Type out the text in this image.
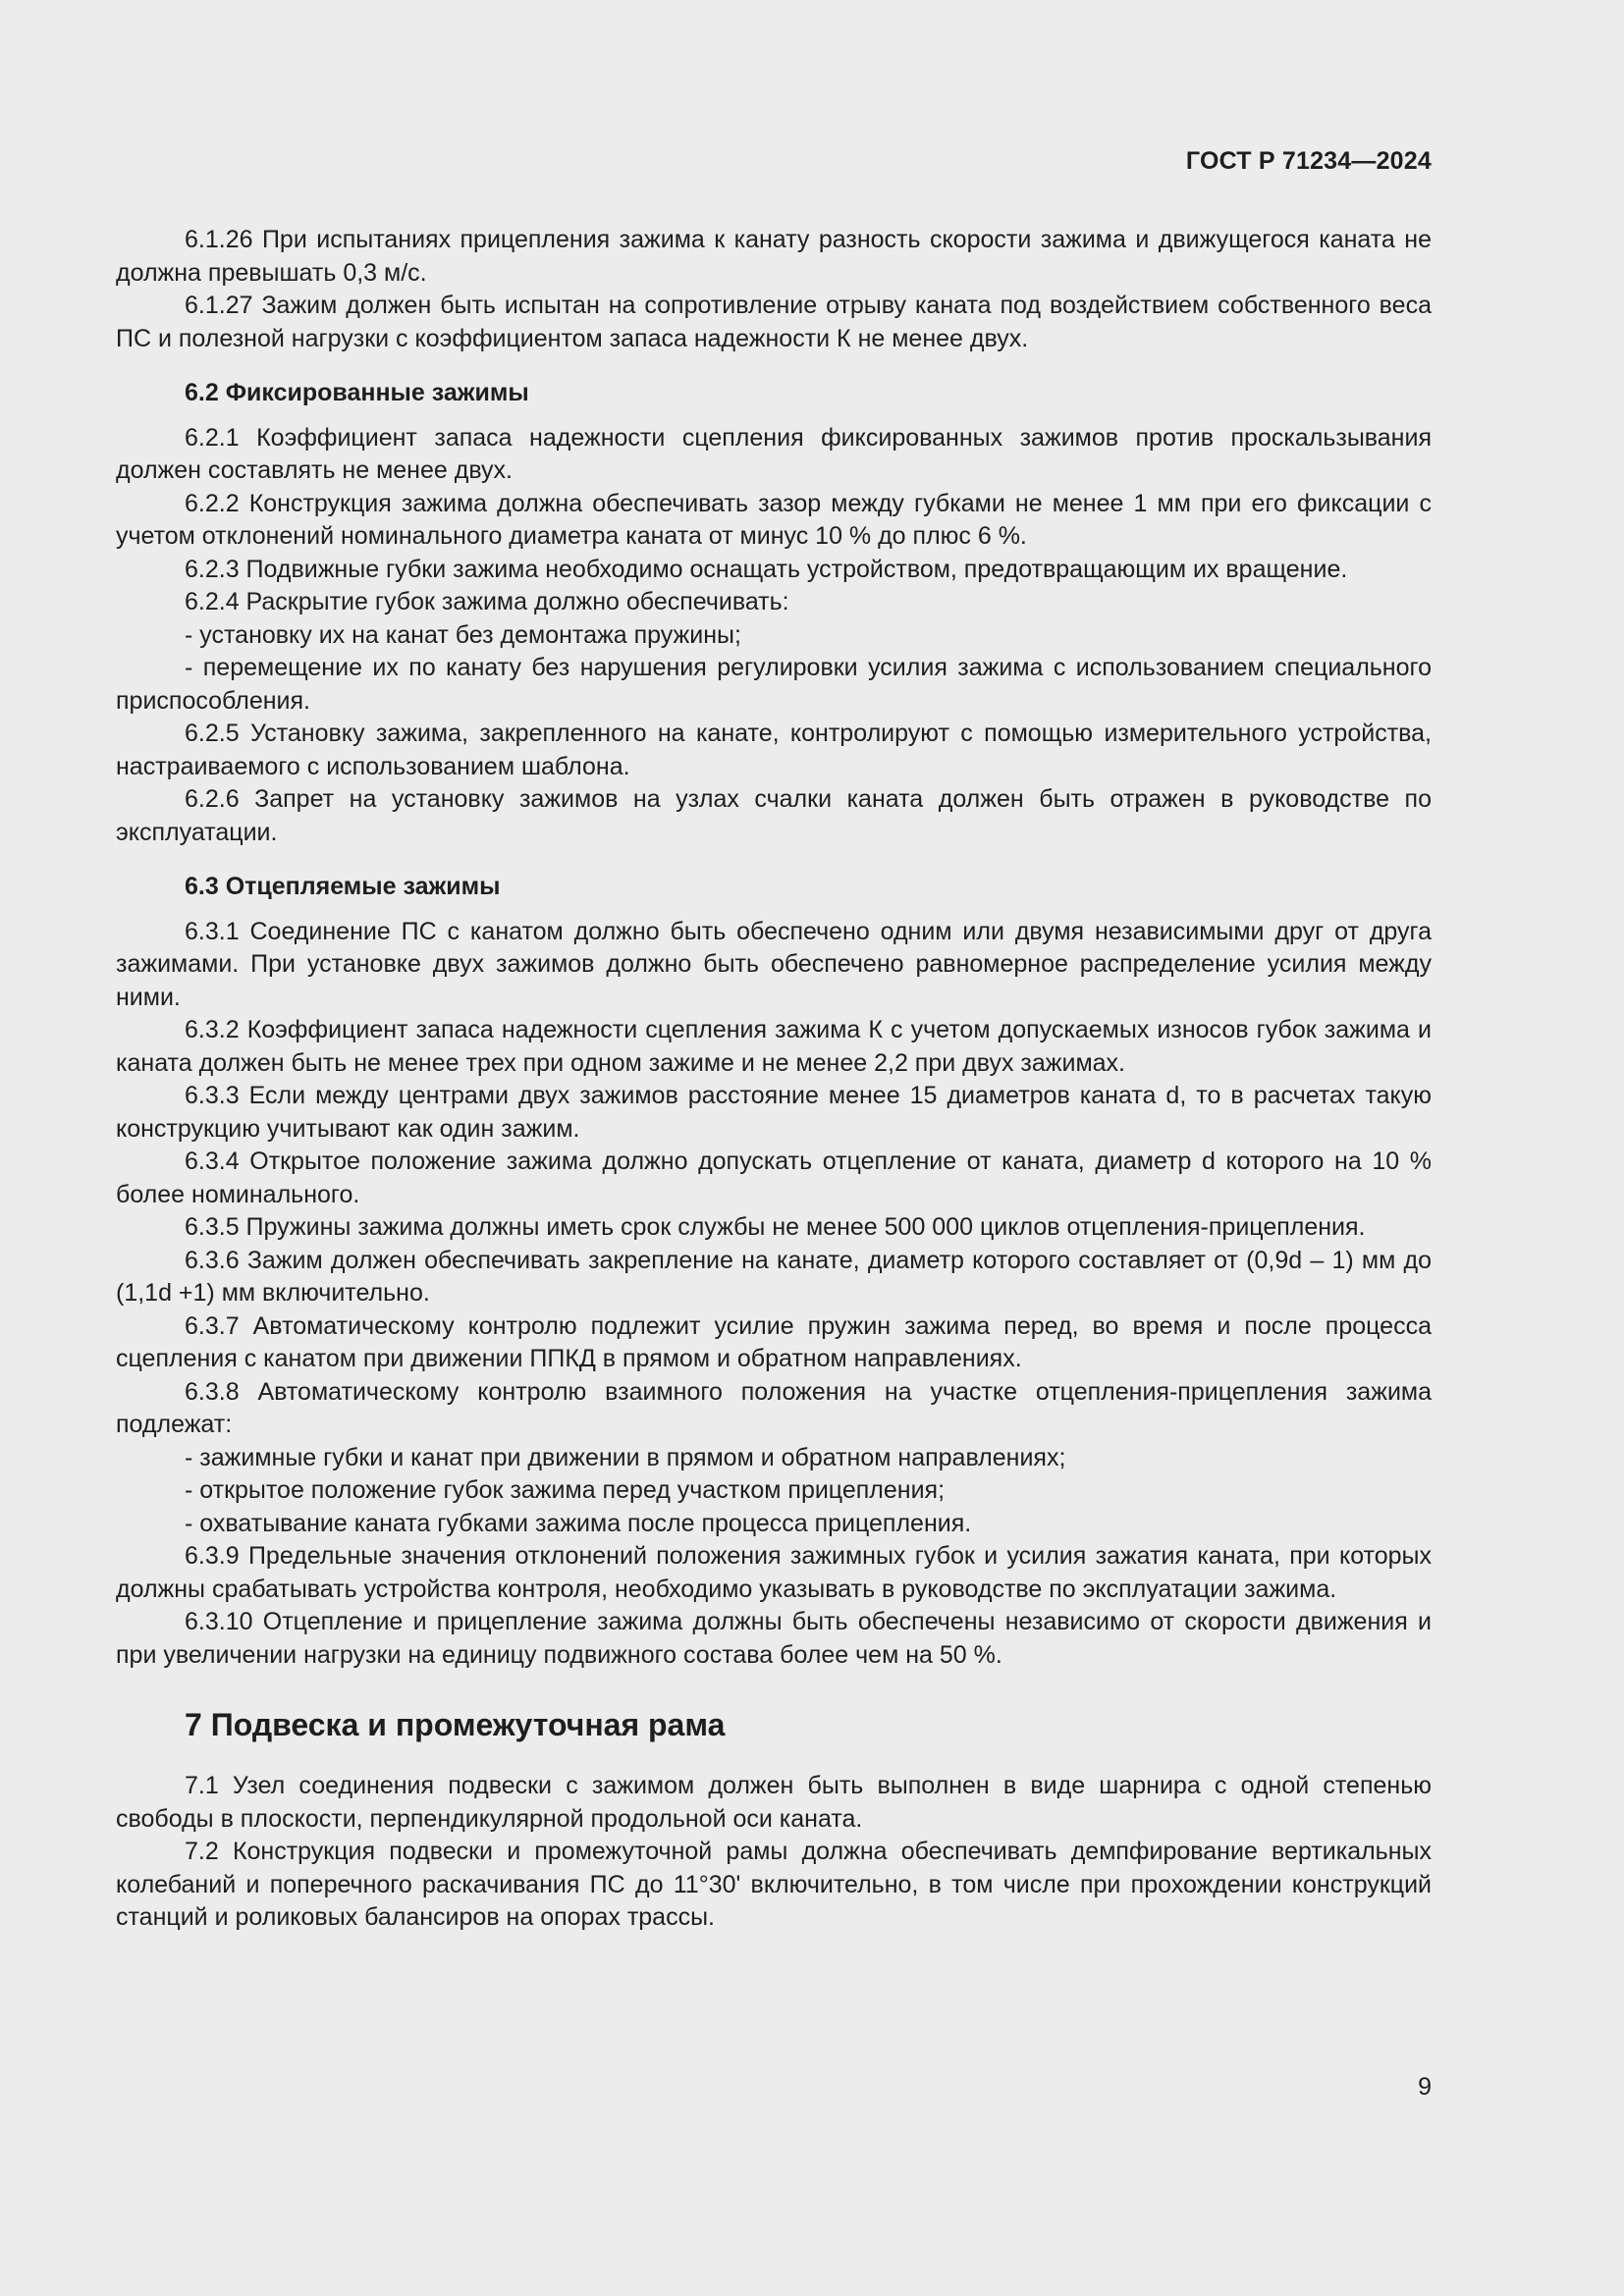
ГОСТ Р 71234—2024

6.1.26 При испытаниях прицепления зажима к канату разность скорости зажима и движущегося каната не должна превышать 0,3 м/с.

6.1.27 Зажим должен быть испытан на сопротивление отрыву каната под воздействием собственного веса ПС и полезной нагрузки с коэффициентом запаса надежности К не менее двух.

6.2 Фиксированные зажимы

6.2.1 Коэффициент запаса надежности сцепления фиксированных зажимов против проскальзывания должен составлять не менее двух.

6.2.2 Конструкция зажима должна обеспечивать зазор между губками не менее 1 мм при его фиксации с учетом отклонений номинального диаметра каната от минус 10 % до плюс 6 %.

6.2.3 Подвижные губки зажима необходимо оснащать устройством, предотвращающим их вращение.

6.2.4 Раскрытие губок зажима должно обеспечивать:

- установку их на канат без демонтажа пружины;

- перемещение их по канату без нарушения регулировки усилия зажима с использованием специального приспособления.

6.2.5 Установку зажима, закрепленного на канате, контролируют с помощью измерительного устройства, настраиваемого с использованием шаблона.

6.2.6 Запрет на установку зажимов на узлах счалки каната должен быть отражен в руководстве по эксплуатации.

6.3 Отцепляемые зажимы

6.3.1 Соединение ПС с канатом должно быть обеспечено одним или двумя независимыми друг от друга зажимами. При установке двух зажимов должно быть обеспечено равномерное распределение усилия между ними.

6.3.2 Коэффициент запаса надежности сцепления зажима К с учетом допускаемых износов губок зажима и каната должен быть не менее трех при одном зажиме и не менее 2,2 при двух зажимах.

6.3.3 Если между центрами двух зажимов расстояние менее 15 диаметров каната d, то в расчетах такую конструкцию учитывают как один зажим.

6.3.4 Открытое положение зажима должно допускать отцепление от каната, диаметр d которого на 10 % более номинального.

6.3.5 Пружины зажима должны иметь срок службы не менее 500 000 циклов отцепления-прицепления.

6.3.6 Зажим должен обеспечивать закрепление на канате, диаметр которого составляет от (0,9d – 1) мм до (1,1d +1) мм включительно.

6.3.7 Автоматическому контролю подлежит усилие пружин зажима перед, во время и после процесса сцепления с канатом при движении ППКД в прямом и обратном направлениях.

6.3.8 Автоматическому контролю взаимного положения на участке отцепления-прицепления зажима подлежат:

- зажимные губки и канат при движении в прямом и обратном направлениях;

- открытое положение губок зажима перед участком прицепления;

- охватывание каната губками зажима после процесса прицепления.

6.3.9 Предельные значения отклонений положения зажимных губок и усилия зажатия каната, при которых должны срабатывать устройства контроля, необходимо указывать в руководстве по эксплуатации зажима.

6.3.10 Отцепление и прицепление зажима должны быть обеспечены независимо от скорости движения и при увеличении нагрузки на единицу подвижного состава более чем на 50 %.

7 Подвеска и промежуточная рама

7.1 Узел соединения подвески с зажимом должен быть выполнен в виде шарнира с одной степенью свободы в плоскости, перпендикулярной продольной оси каната.

7.2 Конструкция подвески и промежуточной рамы должна обеспечивать демпфирование вертикальных колебаний и поперечного раскачивания ПС до 11°30' включительно, в том числе при прохождении конструкций станций и роликовых балансиров на опорах трассы.

9
